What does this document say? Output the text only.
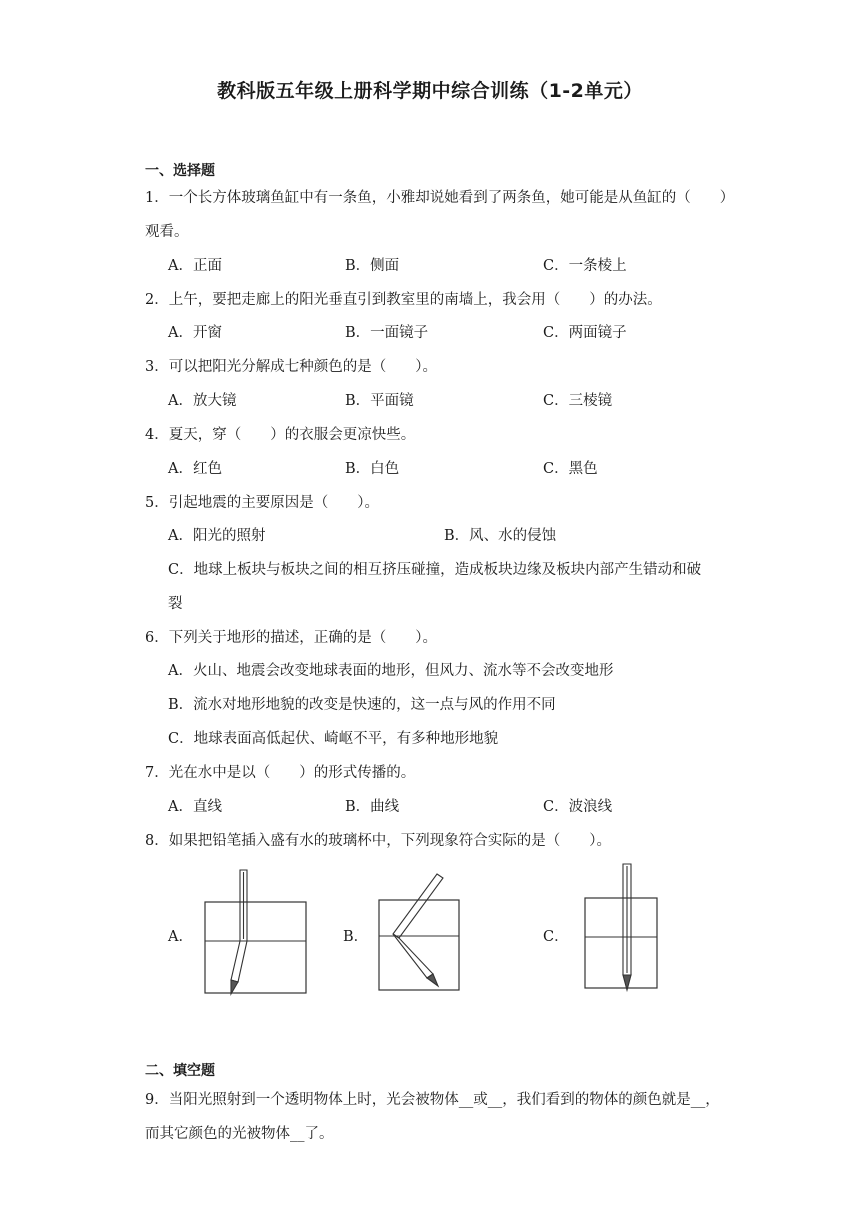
教科版五年级上册科学期中综合训练（1-2单元）
一、选择题
1．一个长方体玻璃鱼缸中有一条鱼，小雅却说她看到了两条鱼，她可能是从鱼缸的（　　）
观看。
A．正面	B．侧面	C．一条棱上
2．上午，要把走廊上的阳光垂直引到教室里的南墙上，我会用（　　）的办法。
A．开窗	B．一面镜子	C．两面镜子
3．可以把阳光分解成七种颜色的是（　　）。
A．放大镜	B．平面镜	C．三棱镜
4．夏天，穿（　　）的衣服会更凉快些。
A．红色	B．白色	C．黑色
5．引起地震的主要原因是（　　）。
A．阳光的照射	B．风、水的侵蚀
C．地球上板块与板块之间的相互挤压碰撞，造成板块边缘及板块内部产生错动和破
裂
6．下列关于地形的描述，正确的是（　　）。
A．火山、地震会改变地球表面的地形，但风力、流水等不会改变地形
B．流水对地形地貌的改变是快速的，这一点与风的作用不同
C．地球表面高低起伏、崎岖不平，有多种地形地貌
7．光在水中是以（　　）的形式传播的。
A．直线	B．曲线	C．波浪线
8．如果把铅笔插入盛有水的玻璃杯中，下列现象符合实际的是（　　）。
A．	B．	C．
二、填空题
9．当阳光照射到一个透明物体上时，光会被物体__或__，我们看到的物体的颜色就是__，
而其它颜色的光被物体__了。
